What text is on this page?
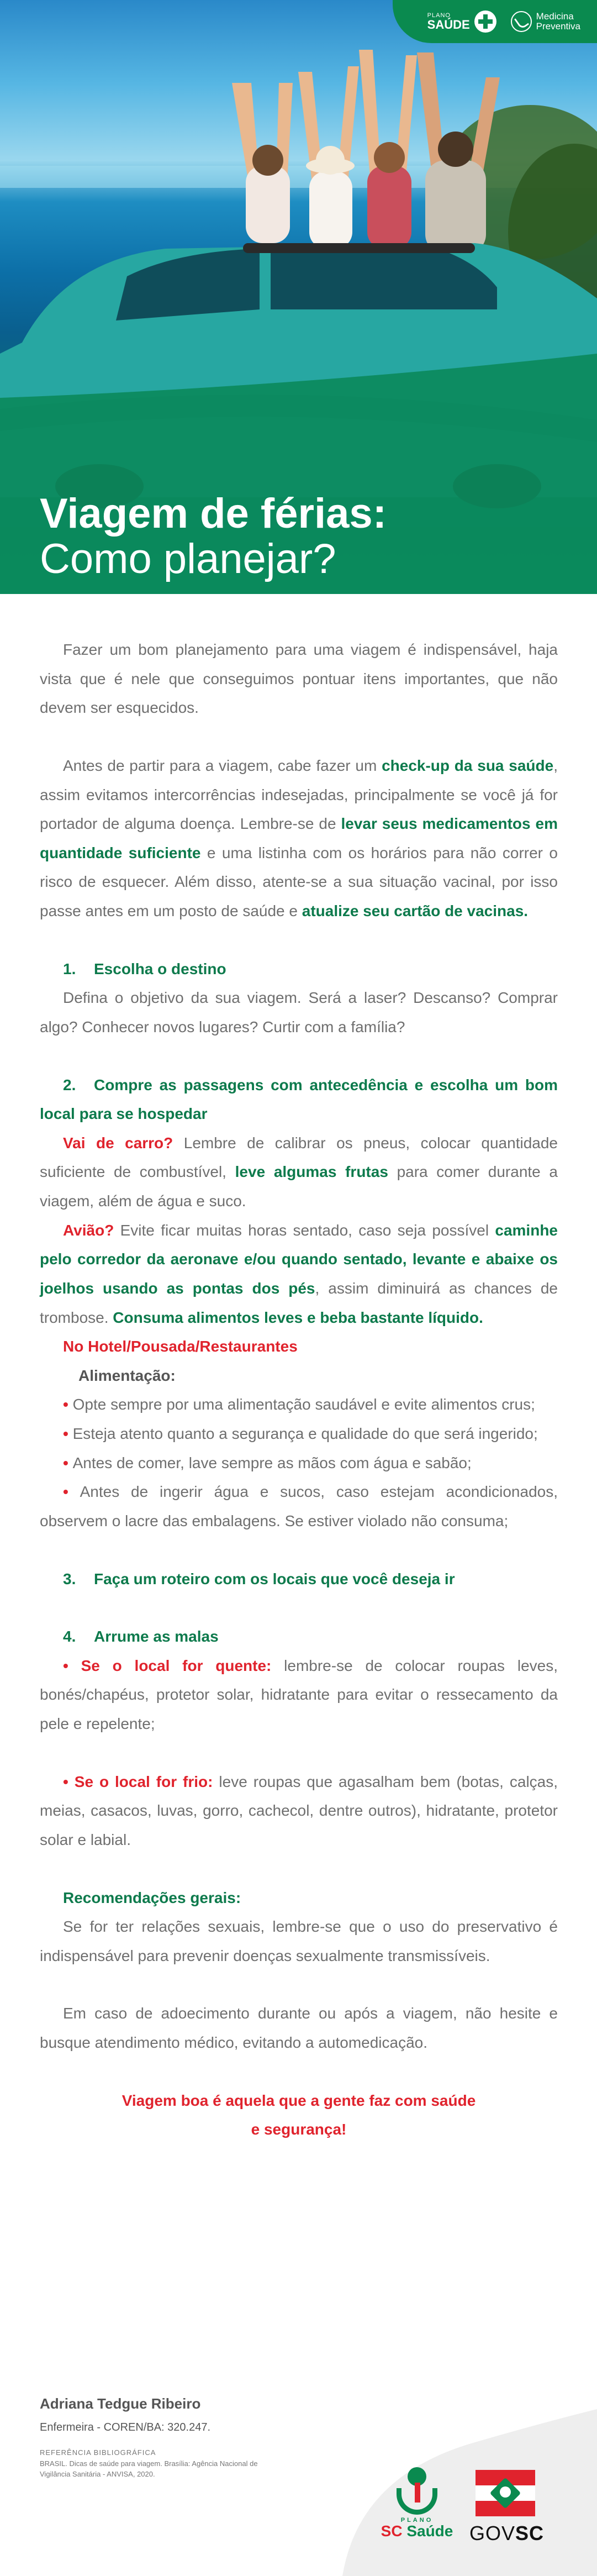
PLANO
SAÚDE
Medicina
Preventiva
Viagem de férias:
Como planejar?

Fazer um bom planejamento para uma viagem é indispensável, haja vista que é nele que conseguimos pontuar itens importantes, que não devem ser esquecidos.

Antes de partir para a viagem, cabe fazer um check-up da sua saúde, assim evitamos intercorrências indesejadas, principalmente se você já for portador de alguma doença. Lembre-se de levar seus medicamentos em quantidade suficiente e uma listinha com os horários para não correr o risco de esquecer. Além disso, atente-se a sua situação vacinal, por isso passe antes em um posto de saúde e atualize seu cartão de vacinas.

1. Escolha o destino

Defina o objetivo da sua viagem. Será a laser? Descanso? Comprar algo? Conhecer novos lugares? Curtir com a família?

2. Compre as passagens com antecedência e escolha um bom local para se hospedar

Vai de carro? Lembre de calibrar os pneus, colocar quantidade suficiente de combustível, leve algumas frutas para comer durante a viagem, além de água e suco.

Avião? Evite ficar muitas horas sentado, caso seja possível caminhe pelo corredor da aeronave e/ou quando sentado, levante e abaixe os joelhos usando as pontas dos pés, assim diminuirá as chances de trombose. Consuma alimentos leves e beba bastante líquido.

No Hotel/Pousada/Restaurantes

Alimentação:

• Opte sempre por uma alimentação saudável e evite alimentos crus;

• Esteja atento quanto a segurança e qualidade do que será ingerido;

• Antes de comer, lave sempre as mãos com água e sabão;

• Antes de ingerir água e sucos, caso estejam acondicionados, observem o lacre das embalagens. Se estiver violado não consuma;

3. Faça um roteiro com os locais que você deseja ir

4. Arrume as malas

• Se o local for quente: lembre-se de colocar roupas leves, bonés/chapéus, protetor solar, hidratante para evitar o ressecamento da pele e repelente;

• Se o local for frio: leve roupas que agasalham bem (botas, calças, meias, casacos, luvas, gorro, cachecol, dentre outros), hidratante, protetor solar e labial.

Recomendações gerais:

Se for ter relações sexuais, lembre-se que o uso do preservativo é indispensável para prevenir doenças sexualmente transmissíveis.

Em caso de adoecimento durante ou após a viagem, não hesite e busque atendimento médico, evitando a automedicação.

Viagem boa é aquela que a gente faz com saúde

e segurança!

Adriana Tedgue Ribeiro
Enfermeira - COREN/BA: 320.247.
REFERÊNCIA BIBLIOGRÁFICA
BRASIL. Dicas de saúde para viagem. Brasília: Agência Nacional de Vigilância Sanitária - ANVISA, 2020.
PLANO
SC Saúde GOVSC
